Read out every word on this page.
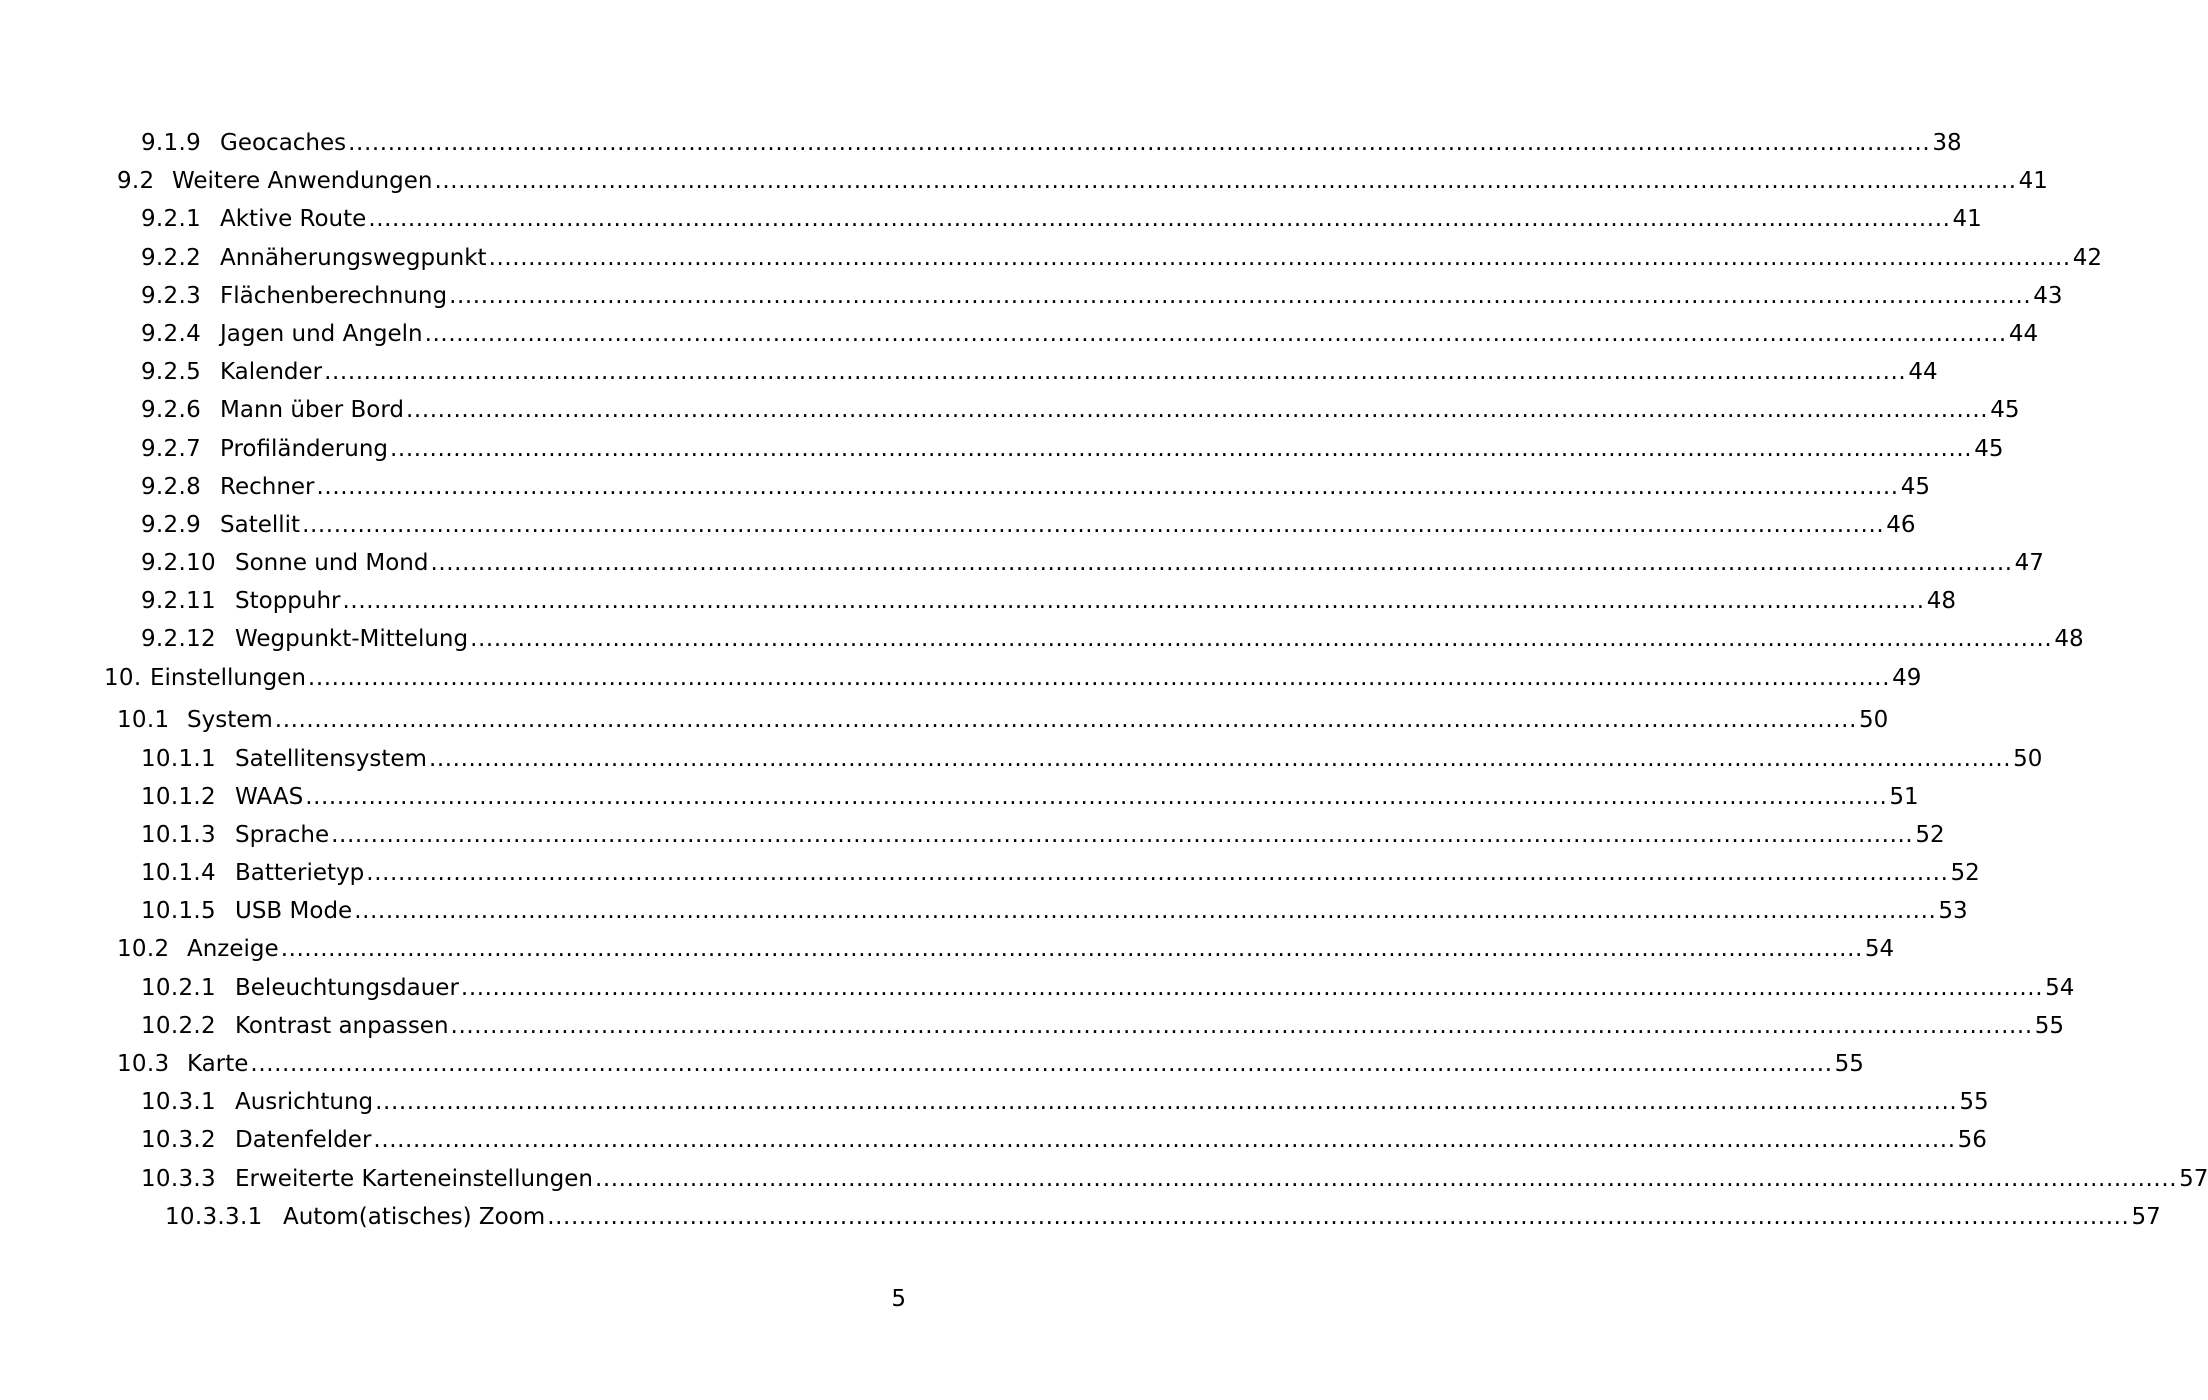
9.1.9 Geocaches ........................................................................................................................................................................................................ 38
9.2 Weitere Anwendungen ........................................................................................................................................................................................................ 41
9.2.1 Aktive Route ........................................................................................................................................................................................................ 41
9.2.2 Annäherungswegpunkt ........................................................................................................................................................................................................ 42
9.2.3 Flächenberechnung ........................................................................................................................................................................................................ 43
9.2.4 Jagen und Angeln ........................................................................................................................................................................................................ 44
9.2.5 Kalender ........................................................................................................................................................................................................ 44
9.2.6 Mann über Bord ........................................................................................................................................................................................................ 45
9.2.7 Profiländerung ........................................................................................................................................................................................................ 45
9.2.8 Rechner ........................................................................................................................................................................................................ 45
9.2.9 Satellit ........................................................................................................................................................................................................ 46
9.2.10 Sonne und Mond ........................................................................................................................................................................................................ 47
9.2.11 Stoppuhr ........................................................................................................................................................................................................ 48
9.2.12 Wegpunkt-Mittelung ........................................................................................................................................................................................................ 48
10. Einstellungen ........................................................................................................................................................................................................ 49
10.1 System ........................................................................................................................................................................................................ 50
10.1.1 Satellitensystem ........................................................................................................................................................................................................ 50
10.1.2 WAAS ........................................................................................................................................................................................................ 51
10.1.3 Sprache ........................................................................................................................................................................................................ 52
10.1.4 Batterietyp ........................................................................................................................................................................................................ 52
10.1.5 USB Mode ........................................................................................................................................................................................................ 53
10.2 Anzeige ........................................................................................................................................................................................................ 54
10.2.1 Beleuchtungsdauer ........................................................................................................................................................................................................ 54
10.2.2 Kontrast anpassen ........................................................................................................................................................................................................ 55
10.3 Karte ........................................................................................................................................................................................................ 55
10.3.1 Ausrichtung ........................................................................................................................................................................................................ 55
10.3.2 Datenfelder ........................................................................................................................................................................................................ 56
10.3.3 Erweiterte Karteneinstellungen ........................................................................................................................................................................................................ 57
10.3.3.1 Autom(atisches) Zoom ........................................................................................................................................................................................................ 57
5
